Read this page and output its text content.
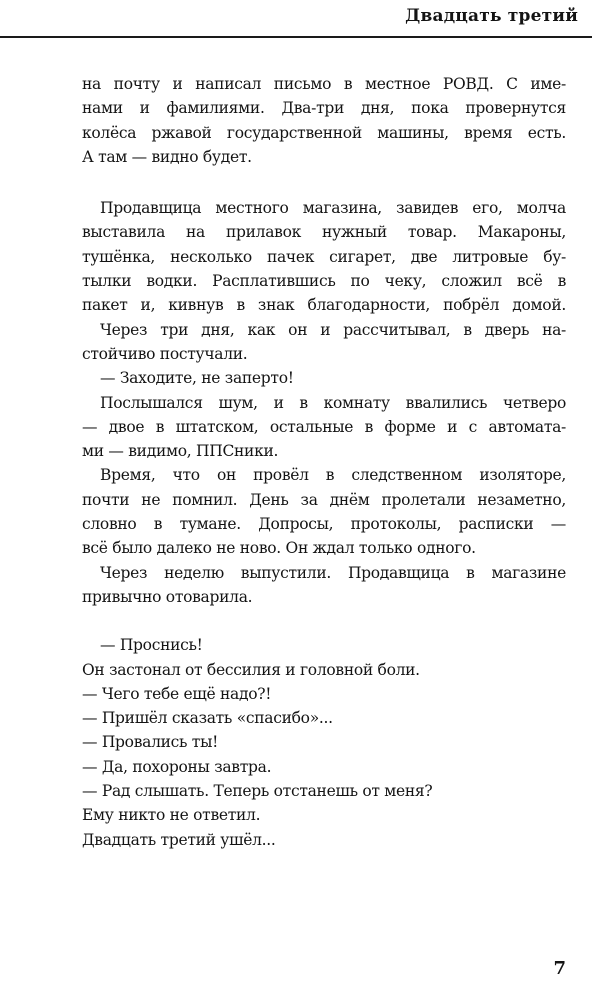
Двадцать третий
на почту и написал письмо в местное РОВД. С име-
нами и фамилиями. Два-три дня, пока провернутся
колёса ржавой государственной машины, время есть.
А там — видно будет.
Продавщица местного магазина, завидев его, молча
выставила на прилавок нужный товар. Макароны,
тушёнка, несколько пачек сигарет, две литровые бу-
тылки водки. Расплатившись по чеку, сложил всё в
пакет и, кивнув в знак благодарности, побрёл домой.
Через три дня, как он и рассчитывал, в дверь на-
стойчиво постучали.
— Заходите, не заперто!
Послышался шум, и в комнату ввалились четверо
— двое в штатском, остальные в форме и с автомата-
ми — видимо, ППСники.
Время, что он провёл в следственном изоляторе,
почти не помнил. День за днём пролетали незаметно,
словно в тумане. Допросы, протоколы, расписки —
всё было далеко не ново. Он ждал только одного.
Через неделю выпустили. Продавщица в магазине
привычно отоварила.
— Проснись!
Он застонал от бессилия и головной боли.
— Чего тебе ещё надо?!
— Пришёл сказать «спасибо»...
— Провались ты!
— Да, похороны завтра.
— Рад слышать. Теперь отстанешь от меня?
Ему никто не ответил.
Двадцать третий ушёл...
7
